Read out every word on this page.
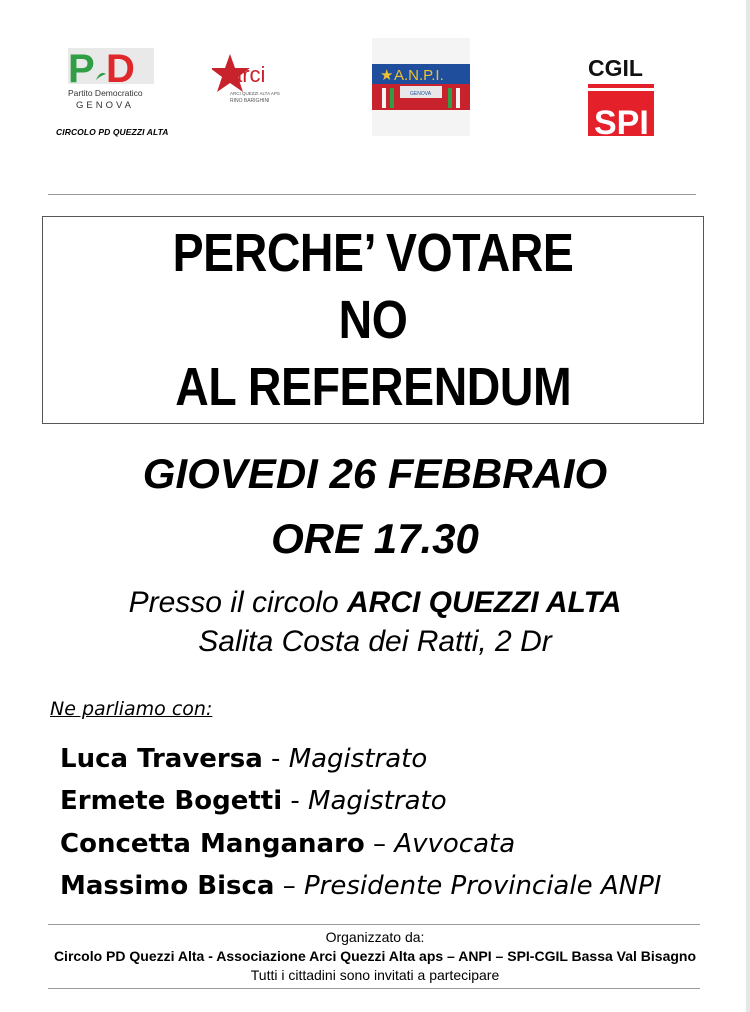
P D
Partito Democratico
GENOVA
CIRCOLO PD QUEZZI ALTA
arci
ARCI QUEZZI ALTA APS
RINO BARIGHINI
★ A.N.P.I.
GENOVA
CGIL
SPI
PERCHE’ VOTARE
NO
AL REFERENDUM
GIOVEDI 26 FEBBRAIO
ORE 17.30
Presso il circolo ARCI QUEZZI ALTA
Salita Costa dei Ratti, 2 Dr
Ne parliamo con:
Luca Traversa - Magistrato
Ermete Bogetti - Magistrato
Concetta Manganaro – Avvocata
Massimo Bisca – Presidente Provinciale ANPI
Organizzato da:
Circolo PD Quezzi Alta - Associazione Arci Quezzi Alta aps – ANPI – SPI-CGIL Bassa Val Bisagno
Tutti i cittadini sono invitati a partecipare
